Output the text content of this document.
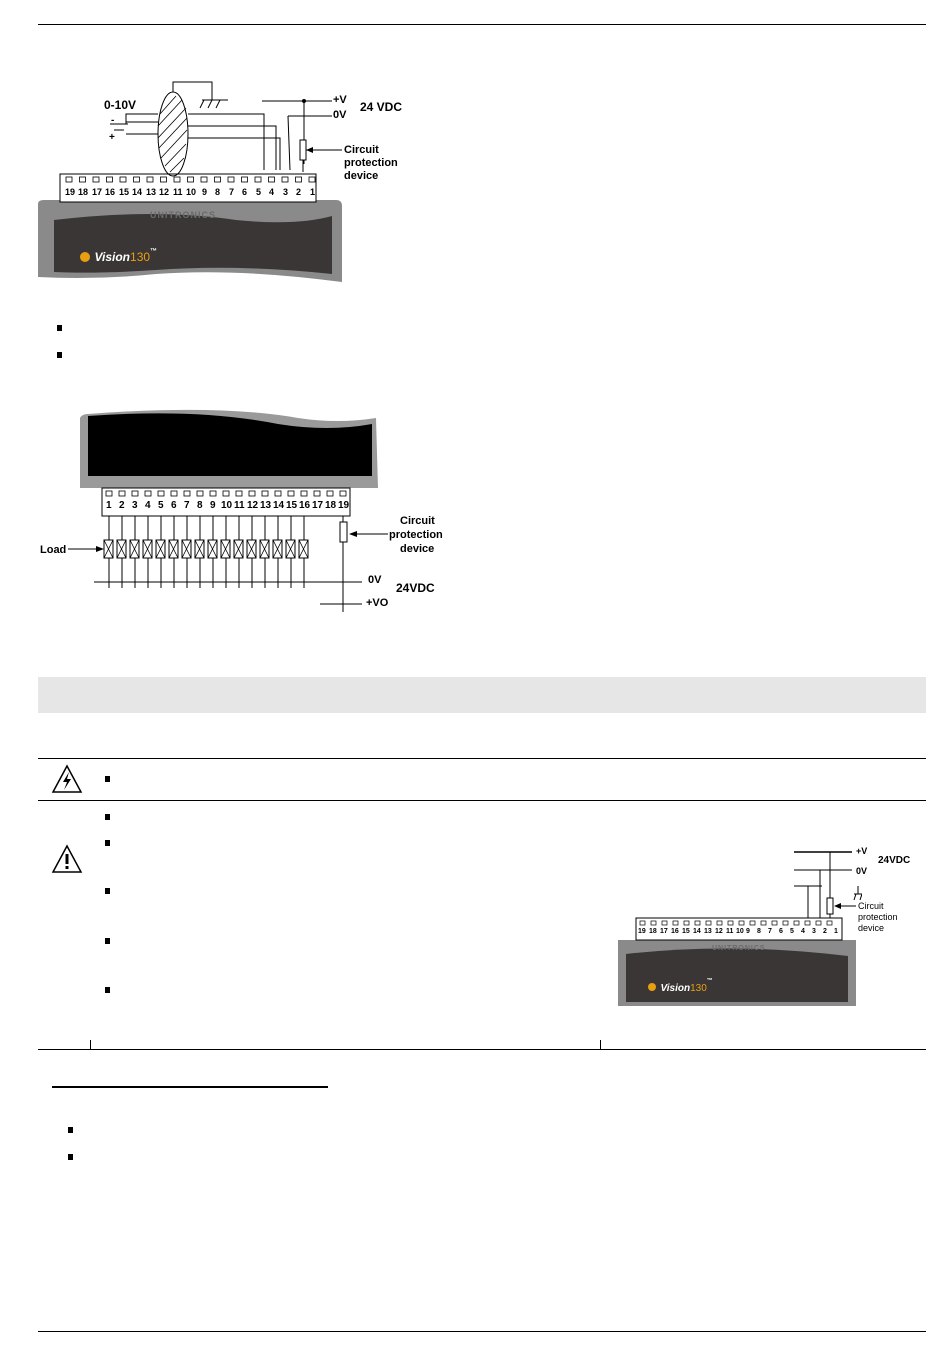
0-10V
-
+
+V
0V
24 VDC
Circuit
protection
device
19 18 17 16 15 14 13 12 11 10 9 8 7 6 5 4 3 2 1
UNITRONICS
Vision130™
1 2 3 4 5 6 7 8 9 10 11 12 13 14 15 16 17 18 19
Load
Circuit
protection
device
0V
24VDC
+VO
+V
24VDC
0V
Circuit
protection
device
19 18 17 16 15 14 13 12 11 10 9 8 7 6 5 4 3 2 1
UNITRONICS
Vision130™
